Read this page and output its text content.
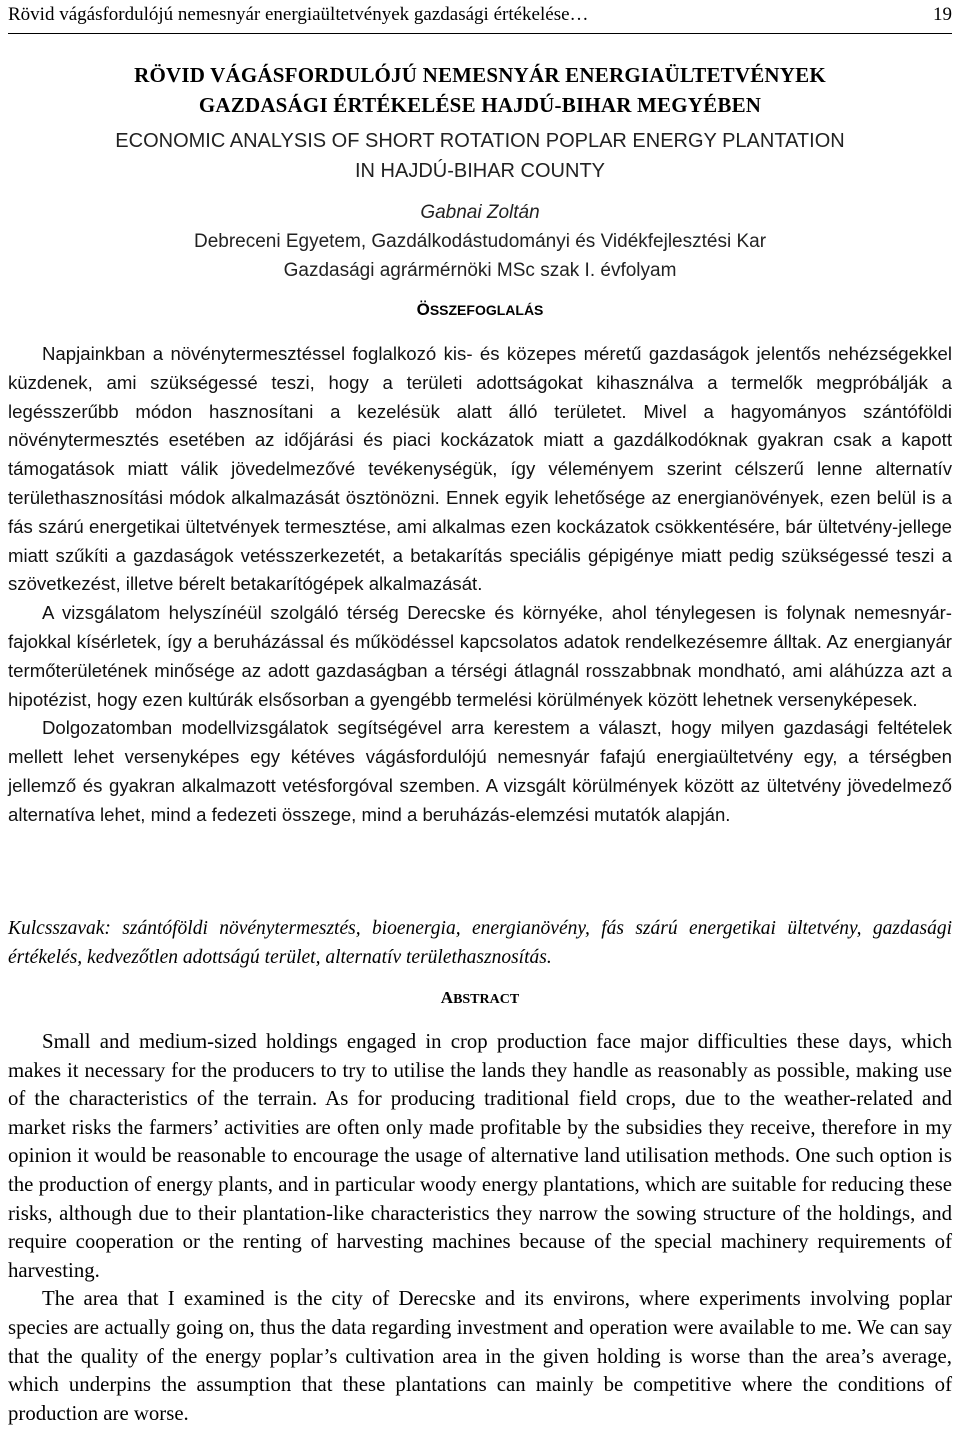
Rövid vágásfordulójú nemesnyár energiaültetvények gazdasági értékelése…	19
RÖVID VÁGÁSFORDULÓJÚ NEMESNYÁR ENERGIAÜLTETVÉNYEK
GAZDASÁGI ÉRTÉKELÉSE HAJDÚ-BIHAR MEGYÉBEN
ECONOMIC ANALYSIS OF SHORT ROTATION POPLAR ENERGY PLANTATION
IN HAJDÚ-BIHAR COUNTY
Gabnai Zoltán
Debreceni Egyetem, Gazdálkodástudományi és Vidékfejlesztési Kar
Gazdasági agrármérnöki MSc szak I. évfolyam
ÖSSZEFOGLALÁS

Napjainkban a növénytermesztéssel foglalkozó kis- és közepes méretű gazdaságok jelentős nehézségekkel küzdenek, ami szükségessé teszi, hogy a területi adottságokat kihasználva a termelők megpróbálják a legésszerűbb módon hasznosítani a kezelésük alatt álló területet. Mivel a hagyományos szántóföldi növénytermesztés esetében az időjárási és piaci kockázatok miatt a gazdálkodóknak gyakran csak a kapott támogatások miatt válik jövedelmezővé tevékenységük, így véleményem szerint célszerű lenne alternatív területhasznosítási módok alkalmazását ösztönözni. Ennek egyik lehetősége az energianövények, ezen belül is a fás szárú energetikai ültetvények termesztése, ami alkalmas ezen kockázatok csökkentésére, bár ültetvény-jellege miatt szűkíti a gazdaságok vetésszerkezetét, a betakarítás speciális gépigénye miatt pedig szükségessé teszi a szövetkezést, illetve bérelt betakarítógépek alkalmazását.

A vizsgálatom helyszínéül szolgáló térség Derecske és környéke, ahol ténylegesen is folynak nemesnyár-fajokkal kísérletek, így a beruházással és működéssel kapcsolatos adatok rendelkezésemre álltak. Az energianyár termőterületének minősége az adott gazdaságban a térségi átlagnál rosszabbnak mondható, ami aláhúzza azt a hipotézist, hogy ezen kultúrák elsősorban a gyengébb termelési körülmények között lehetnek versenyképesek.

Dolgozatomban modellvizsgálatok segítségével arra kerestem a választ, hogy milyen gazdasági feltételek mellett lehet versenyképes egy kétéves vágásfordulójú nemesnyár fafajú energiaültetvény egy, a térségben jellemző és gyakran alkalmazott vetésforgóval szemben. A vizsgált körülmények között az ültetvény jövedelmező alternatíva lehet, mind a fedezeti összege, mind a beruházás-elemzési mutatók alapján.

Kulcsszavak: szántóföldi növénytermesztés, bioenergia, energianövény, fás szárú energetikai ültetvény, gazdasági értékelés, kedvezőtlen adottságú terület, alternatív területhasznosítás.
ABSTRACT

Small and medium-sized holdings engaged in crop production face major difficulties these days, which makes it necessary for the producers to try to utilise the lands they handle as reasonably as possible, making use of the characteristics of the terrain. As for producing traditional field crops, due to the weather-related and market risks the farmers’ activities are often only made profitable by the subsidies they receive, therefore in my opinion it would be reasonable to encourage the usage of alternative land utilisation methods. One such option is the production of energy plants, and in particular woody energy plantations, which are suitable for reducing these risks, although due to their plantation-like characteristics they narrow the sowing structure of the holdings, and require cooperation or the renting of harvesting machines because of the special machinery requirements of harvesting.

The area that I examined is the city of Derecske and its environs, where experiments involving poplar species are actually going on, thus the data regarding investment and operation were available to me. We can say that the quality of the energy poplar’s cultivation area in the given holding is worse than the area’s average, which underpins the assumption that these plantations can mainly be competitive where the conditions of production are worse.
